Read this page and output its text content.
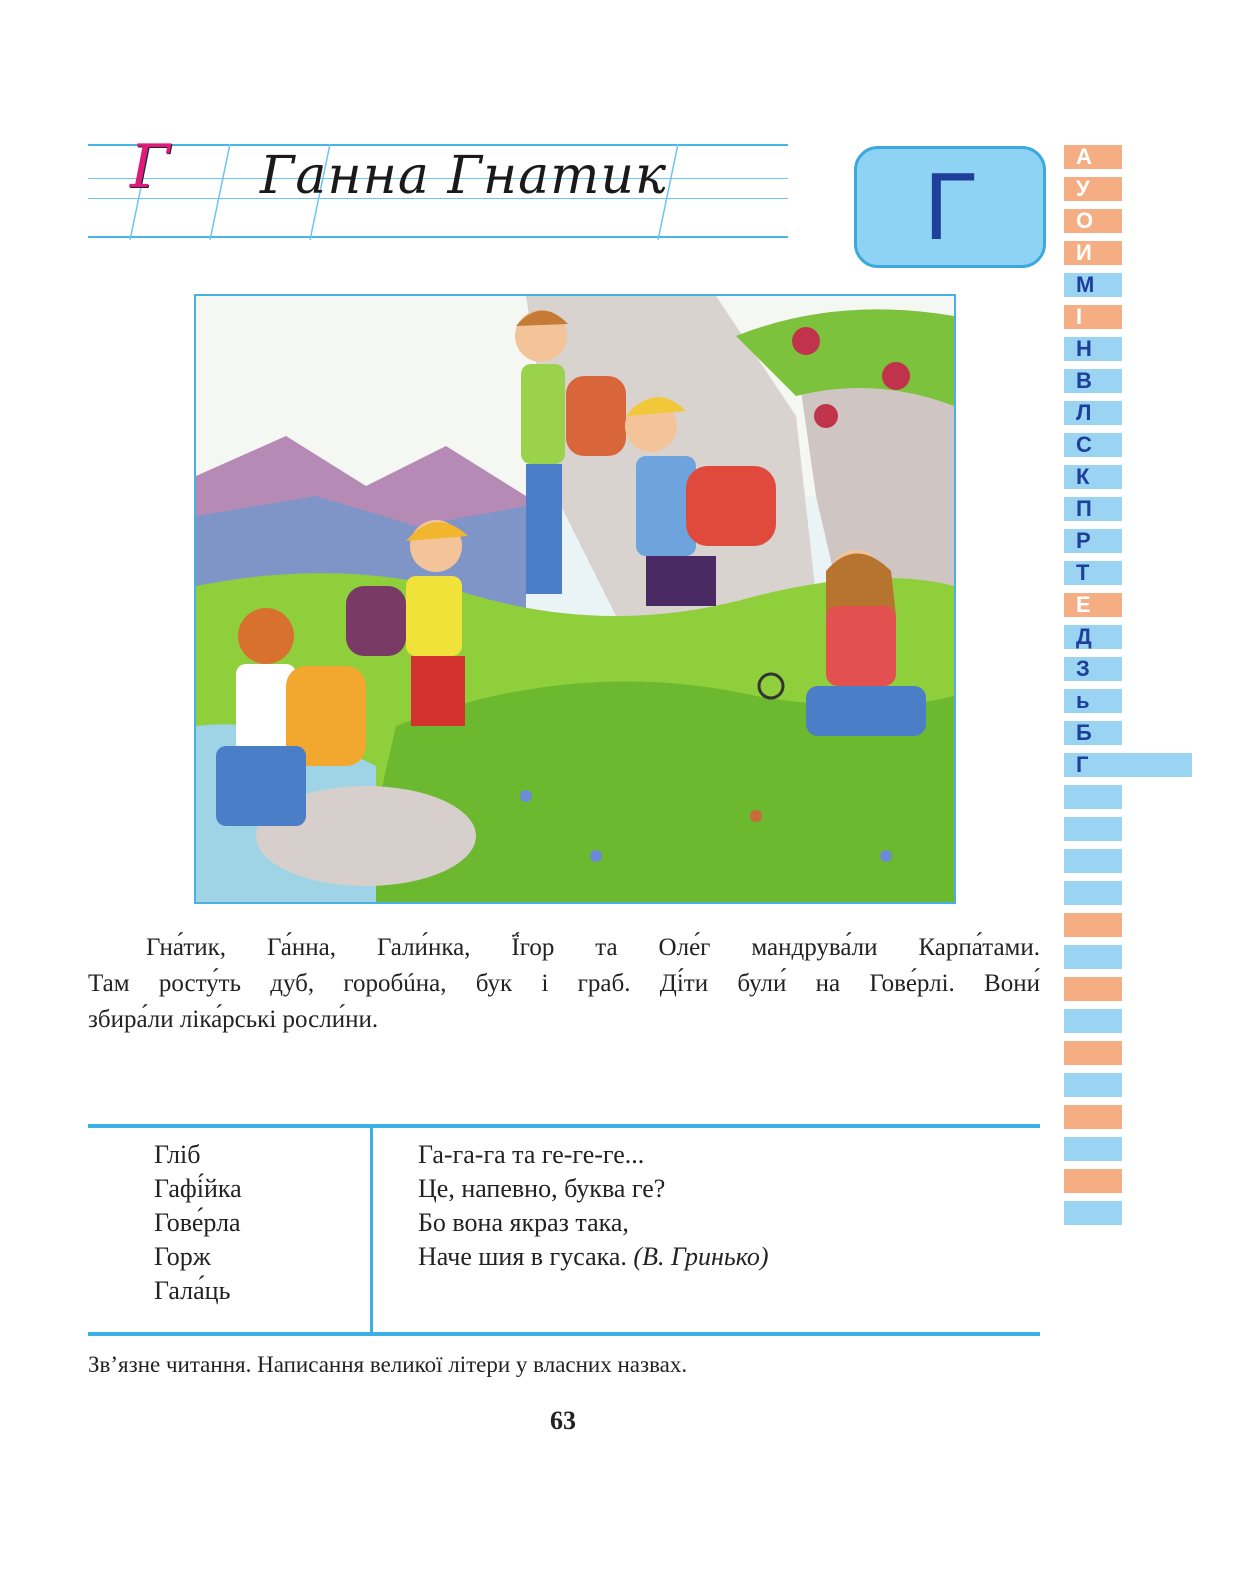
Г Ганна Гнатик	Г	А
У
О
И
М
І
Н
В
Л
С
К
П
Р
Т
Е
Д
З
ь
Б
Г
Гна́тик, Га́нна, Гали́нка, Ї́гор та Оле́г мандрува́ли Карпа́тами.
Там росту́ть дуб, горобúна, бук і граб. Ді́ти були́ на Гове́рлі. Вони́
збира́ли ліка́рські росли́ни.
Гліб
Гафі́йка
Гове́рла
Горж
Гала́ць
Га-га-га та ге-ге-ге...
Це, напевно, буква ге?
Бо вона якраз така,
Наче шия в гусака. (В. Гринько)
Зв’язне читання. Написання великої літери у власних назвах.
63
